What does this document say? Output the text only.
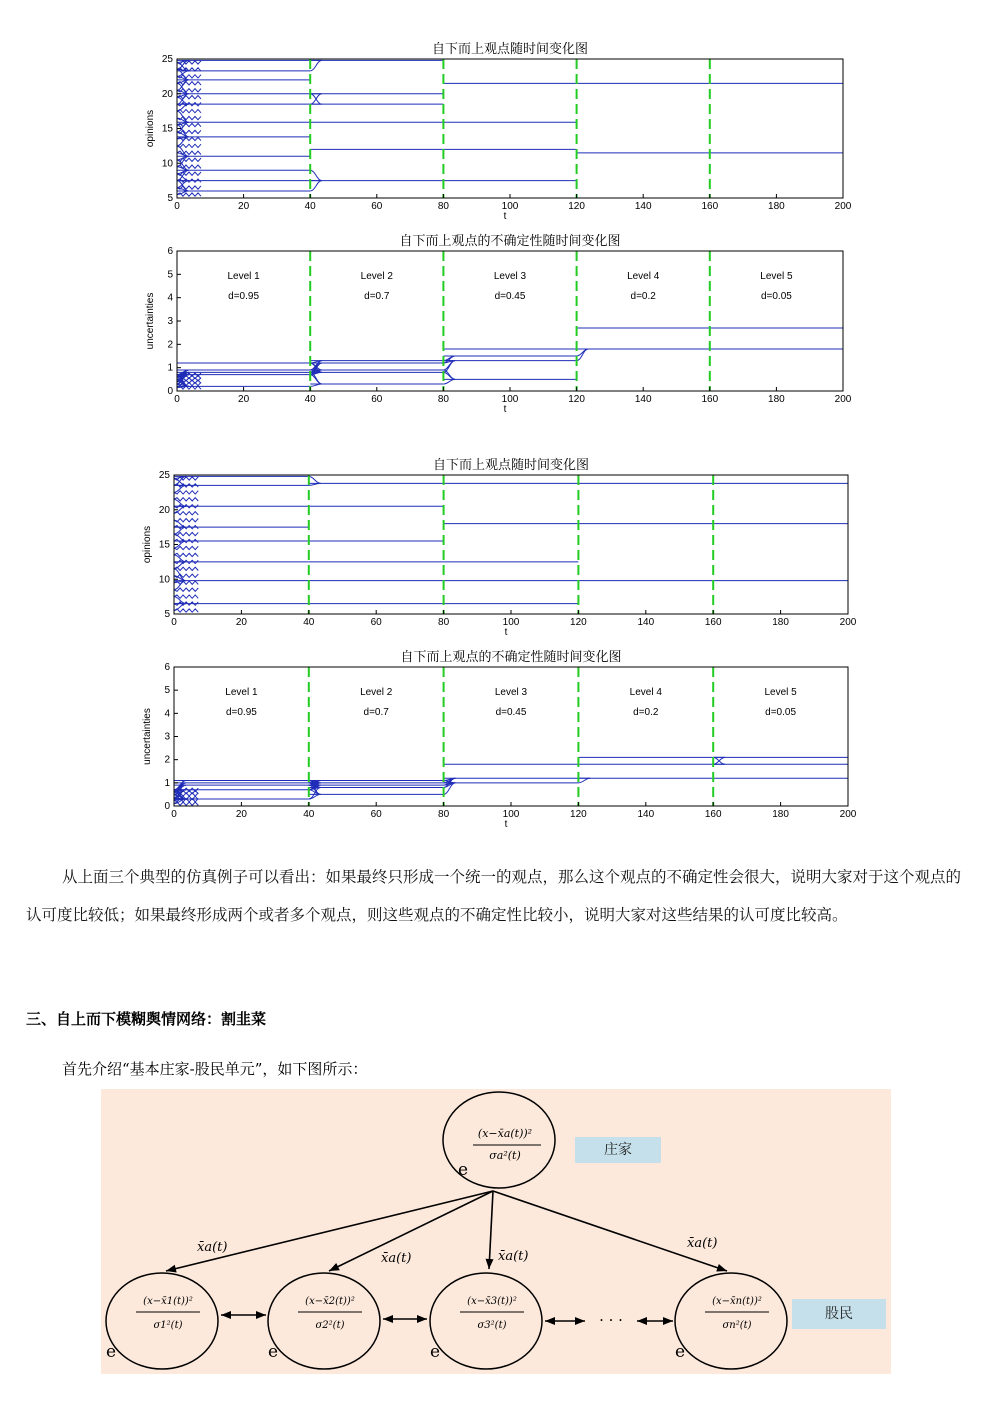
自下而上观点随时间变化图
0	20	40	60	80	100	120	140	160	180	200
t
5
10
15
20
25
opinions
自下而上观点的不确定性随时间变化图
0	20	40	60	80	100	120	140	160	180	200
t
0
1
2
3
4
5
6
uncertainties
Level 1
d=0.95
Level 2
d=0.7
Level 3
d=0.45
Level 4
d=0.2
Level 5
d=0.05
自下而上观点随时间变化图
0	20	40	60	80	100	120	140	160	180	200
t
5
10
15
20
25
opinions
自下而上观点的不确定性随时间变化图
0	20	40	60	80	100	120	140	160	180	200
t
0
1
2
3
4
5
6
uncertainties
Level 1
d=0.95
Level 2
d=0.7
Level 3
d=0.45
Level 4
d=0.2
Level 5
d=0.05
从上面三个典型的仿真例子可以看出：如果最终只形成一个统一的观点，那么这个观点的不确定性会很大，说明大家对于这个观点的认可度比较低；如果最终形成两个或者多个观点，则这些观点的不确定性比较小，说明大家对这些结果的认可度比较高。
三、自上而下模糊舆情网络：割韭菜
首先介绍“基本庄家-股民单元”，如下图所示：
e
(x−x̄a(t))²
σa²(t)
e
(x−x̄1(t))²
σ1²(t)
e
(x−x̄2(t))²
σ2²(t)
e
(x−x̄3(t))²
σ3²(t)
e
(x−x̄n(t))²
σn²(t)
x̄a(t)
x̄a(t)	x̄a(t)
x̄a(t)
· · ·
庄家
股民
